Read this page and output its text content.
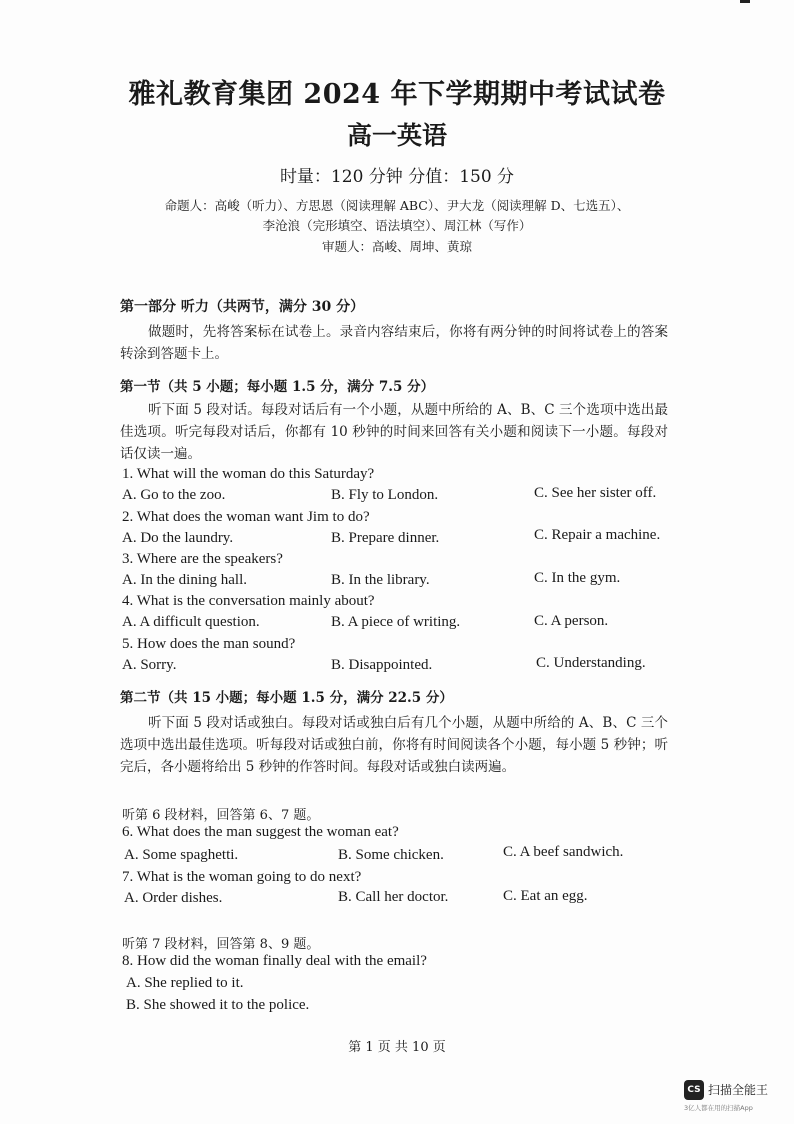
雅礼教育集团 2024 年下学期期中考试试卷
高一英语
时量：120 分钟 分值：150 分
命题人：高峻（听力）、方思恩（阅读理解 ABC）、尹大龙（阅读理解 D、七选五）、
李沧浪（完形填空、语法填空）、周江林（写作）
审题人：高峻、周坤、黄琼
第一部分 听力（共两节，满分 30 分）
做题时，先将答案标在试卷上。录音内容结束后，你将有两分钟的时间将试卷上的答案转涂到答题卡上。
第一节（共 5 小题；每小题 1.5 分，满分 7.5 分）
听下面 5 段对话。每段对话后有一个小题，从题中所给的 A、B、C 三个选项中选出最佳选项。听完每段对话后，你都有 10 秒钟的时间来回答有关小题和阅读下一小题。每段对话仅读一遍。
1. What will the woman do this Saturday?
A. Go to the zoo.	B. Fly to London.	C. See her sister off.
2. What does the woman want Jim to do?
A. Do the laundry.	B. Prepare dinner.	C. Repair a machine.
3. Where are the speakers?
A. In the dining hall.	B. In the library.	C. In the gym.
4. What is the conversation mainly about?
A. A difficult question.	B. A piece of writing.	C. A person.
5. How does the man sound?
A. Sorry.	B. Disappointed.	C. Understanding.
第二节（共 15 小题；每小题 1.5 分，满分 22.5 分）
听下面 5 段对话或独白。每段对话或独白后有几个小题，从题中所给的 A、B、C 三个选项中选出最佳选项。听每段对话或独白前，你将有时间阅读各个小题，每小题 5 秒钟；听完后，各小题将给出 5 秒钟的作答时间。每段对话或独白读两遍。
听第 6 段材料，回答第 6、7 题。
6. What does the man suggest the woman eat?
A. Some spaghetti.	B. Some chicken.	C. A beef sandwich.
7. What is the woman going to do next?
A. Order dishes.	B. Call her doctor.	C. Eat an egg.
听第 7 段材料，回答第 8、9 题。
8. How did the woman finally deal with the email?
A. She replied to it.
B. She showed it to the police.
第 1 页 共 10 页
CS 扫描全能王
3亿人都在用的扫描App
